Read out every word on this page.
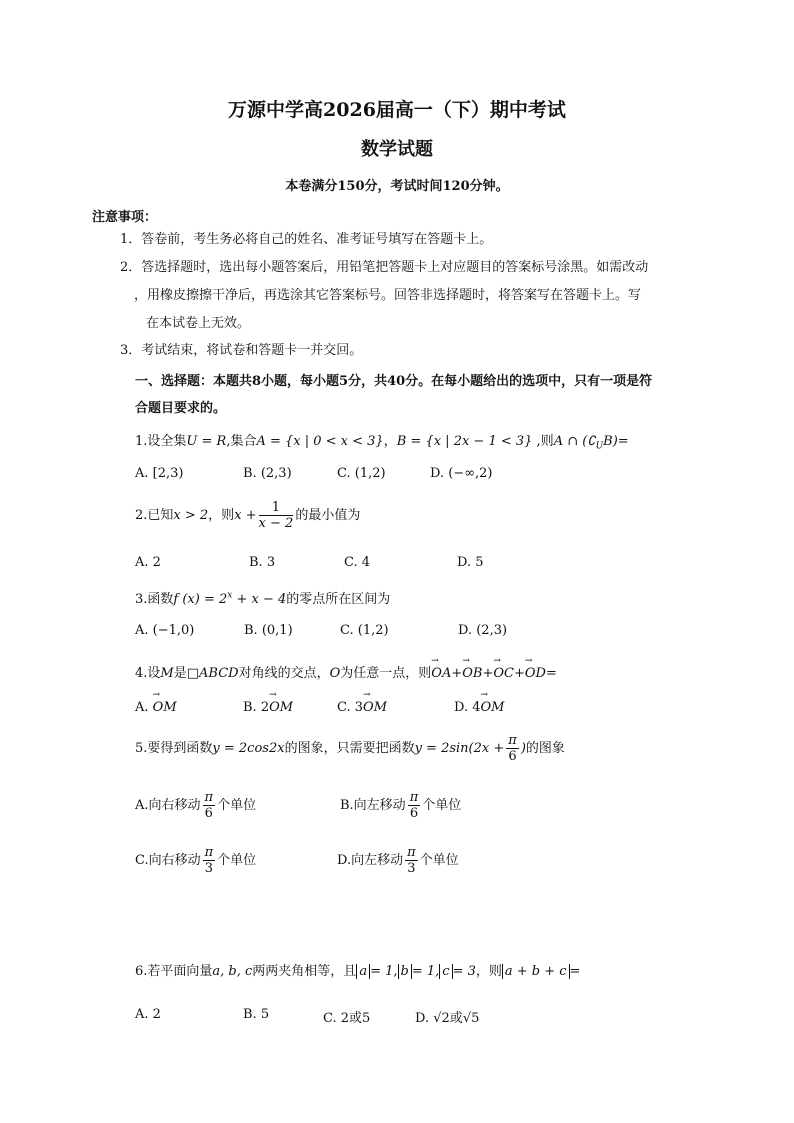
万源中学高2026届高一（下）期中考试
数学试题
本卷满分150分，考试时间120分钟。
注意事项：
1．答卷前，考生务必将自己的姓名、准考证号填写在答题卡上。
2．答选择题时，选出每小题答案后，用铅笔把答题卡上对应题目的答案标号涂黑。如需改动
，用橡皮擦擦干净后，再选涂其它答案标号。回答非选择题时，将答案写在答题卡上。写
在本试卷上无效。
3．考试结束，将试卷和答题卡一并交回。
一、选择题：本题共8小题，每小题5分，共40分。在每小题给出的选项中，只有一项是符
合题目要求的。
1.设全集U = R,集合A = {x | 0 < x < 3}，B = {x | 2x − 1 < 3} ,则A ∩ $(∁_UB)=$
A. [2,3)	B. (2,3)	C. (1,2)	D. (−∞,2)
2.已知x > 2，则$x + \frac{1}{x - 2}$ 的最小值为
A. 2	B. 3	C. 4	D. 5
3.函数f $(x) = 2^x + x - 4$的零点所在区间为
A. (−1,0)	B. (0,1)	C. (1,2)	D. (2,3)
4.设M是□ABCD对角线的交点，O为任意一点，则OA →+OB →+OC →+OD →=
A. OM →	B. 2OM →	C. 3OM →	D. 4OM →
5.要得到函数y = 2cos2x的图象，只需要把函数$y = 2\sin(2x + \frac{\pi}{6}$ )的图象
A.向右移动 $\frac{\pi}{6}$ 个单位	B.向左移动 $\frac{\pi}{6}$ 个单位
C.向右移动 $\frac{\pi}{3}$ 个单位	D.向左移动 $\frac{\pi}{3}$ 个单位
6.若平面向量a, b, c两两夹角相等，且 a = 1, b = 1, c = 3，则 a + b + c =
A. 2	B. 5	C. 2或5	D. √2或√5
